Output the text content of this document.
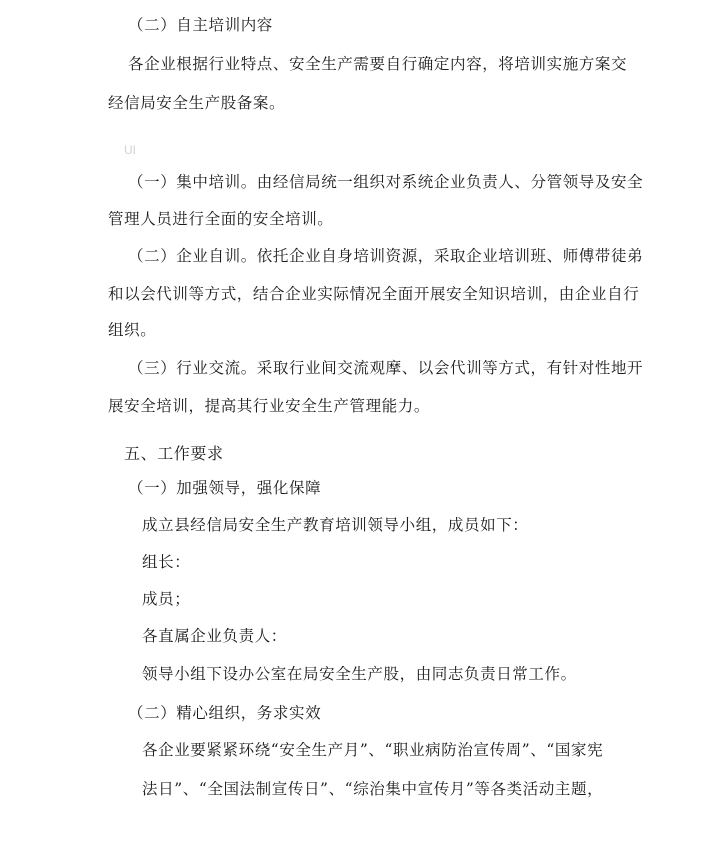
（二）自主培训内容
各企业根据行业特点、安全生产需要自行确定内容，将培训实施方案交
经信局安全生产股备案。
UI
（一）集中培训。由经信局统一组织对系统企业负责人、分管领导及安全
管理人员进行全面的安全培训。
（二）企业自训。依托企业自身培训资源，采取企业培训班、师傅带徒弟
和以会代训等方式，结合企业实际情况全面开展安全知识培训，由企业自行
组织。
（三）行业交流。采取行业间交流观摩、以会代训等方式，有针对性地开
展安全培训，提高其行业安全生产管理能力。
五、工作要求
（一）加强领导，强化保障
成立县经信局安全生产教育培训领导小组，成员如下：
组长：
成员；
各直属企业负责人：
领导小组下设办公室在局安全生产股，由同志负责日常工作。
（二）精心组织，务求实效
各企业要紧紧环绕“安全生产月”、“职业病防治宣传周”、“国家宪
法日”、“全国法制宣传日”、“综治集中宣传月”等各类活动主题，
